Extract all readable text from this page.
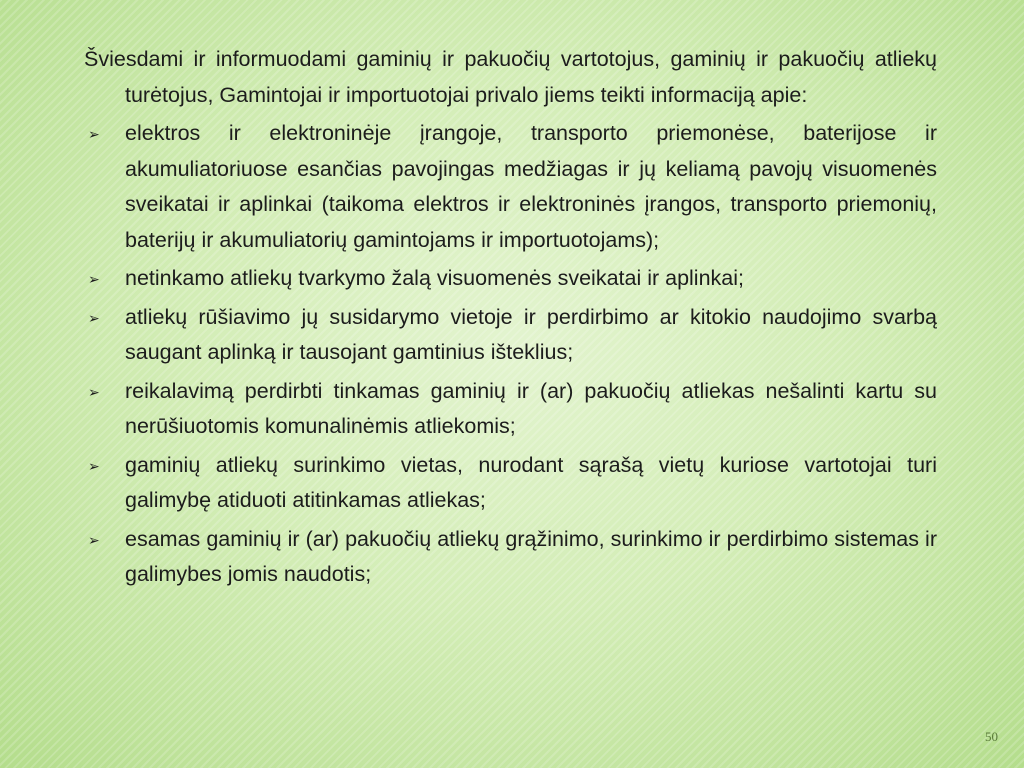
Šviesdami ir informuodami gaminių ir pakuočių vartotojus, gaminių ir pakuočių atliekų turėtojus, Gamintojai ir importuotojai privalo jiems teikti informaciją apie:

➢ elektros ir elektroninėje įrangoje, transporto priemonėse, baterijose ir akumuliatoriuose esančias pavojingas medžiagas ir jų keliamą pavojų visuomenės sveikatai ir aplinkai (taikoma elektros ir elektroninės įrangos, transporto priemonių, baterijų ir akumuliatorių gamintojams ir importuotojams);
➢ netinkamo atliekų tvarkymo žalą visuomenės sveikatai ir aplinkai;
➢ atliekų rūšiavimo jų susidarymo vietoje ir perdirbimo ar kitokio naudojimo svarbą saugant aplinką ir tausojant gamtinius išteklius;
➢ reikalavimą perdirbti tinkamas gaminių ir (ar) pakuočių atliekas nešalinti kartu su nerūšiuotomis komunalinėmis atliekomis;
➢ gaminių atliekų surinkimo vietas, nurodant sąrašą vietų kuriose vartotojai turi galimybę atiduoti atitinkamas atliekas;
➢ esamas gaminių ir (ar) pakuočių atliekų grąžinimo, surinkimo ir perdirbimo sistemas ir galimybes jomis naudotis;
50
